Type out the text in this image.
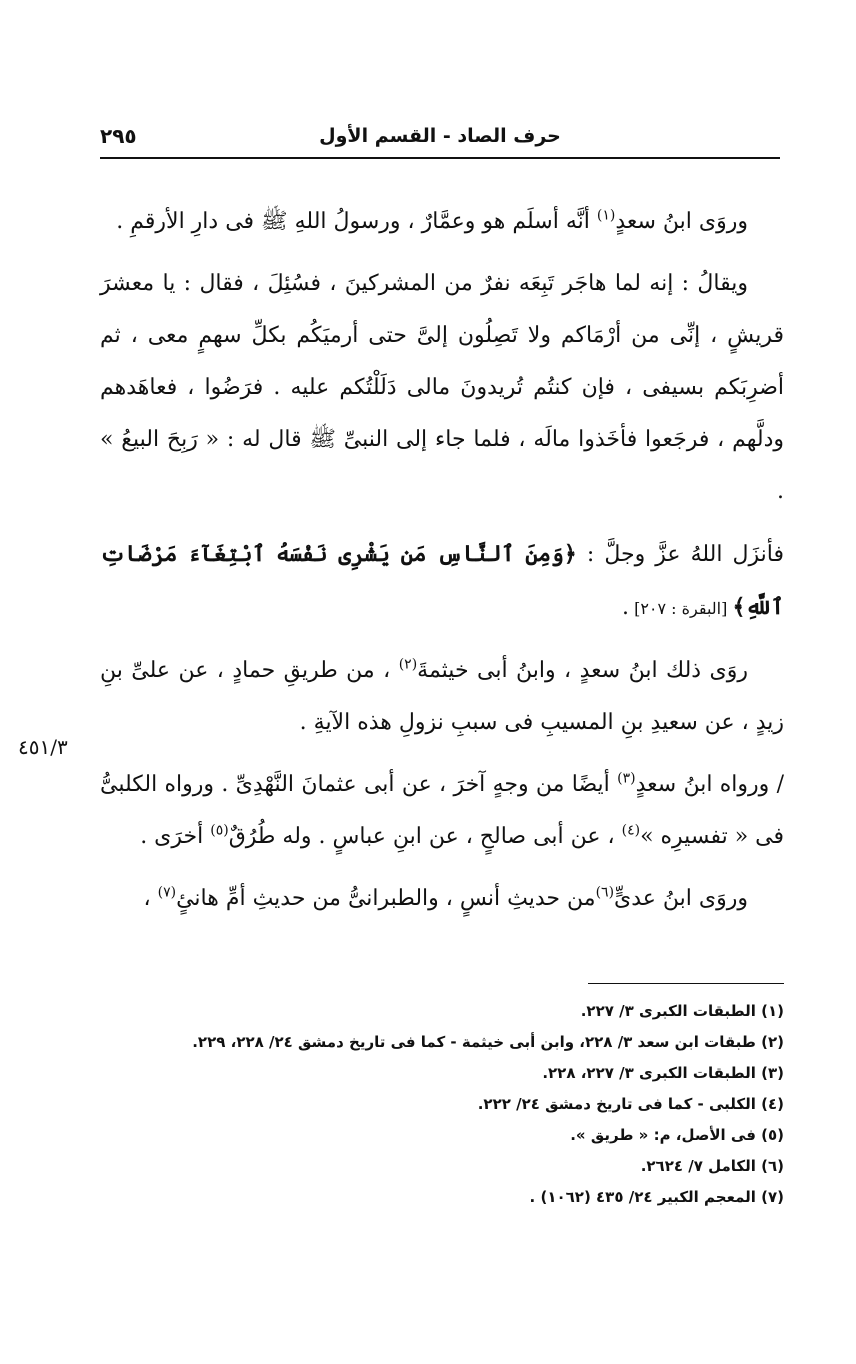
حرف الصاد - القسم الأول
٢٩٥
٤٥١/٣

وروَى ابنُ سعدٍ$^{(١)}$ أنَّه أسلَم هو وعمَّارٌ ، ورسولُ اللهِ ﷺ فى دارِ الأرقمِ .

ويقالُ : إنه لما هاجَر تَبِعَه نفرٌ من المشركينَ ، فسُئِلَ ، فقال : يا معشرَ قريشٍ ، إنِّى من أرْمَاكم ولا تَصِلُون إلىَّ حتى أرميَكُم بكلِّ سهمٍ معى ، ثم أضرِبَكم بسيفى ، فإن كنتُم تُريدونَ مالى دَلَلْتُكم عليه . فرَضُوا ، فعاهَدهم ودلَّهم ، فرجَعوا فأخَذوا مالَه ، فلما جاء إلى النبىِّ ﷺ قال له : « رَبِحَ البيعُ » .

فأنزَل اللهُ عزَّ وجلَّ : ﴿وَمِنَ ٱلنَّاسِ مَن يَشْرِى نَفْسَهُ ٱبْتِغَآءَ مَرْضَاتِ ٱللَّهِ﴾ [البقرة : ٢٠٧] .

روَى ذلك ابنُ سعدٍ ، وابنُ أبى خيثمةَ$^{(٢)}$ ، من طريقِ حمادٍ ، عن علىِّ بنِ زيدٍ ، عن سعيدِ بنِ المسيبِ فى سببِ نزولِ هذه الآيةِ .

/ ورواه ابنُ سعدٍ$^{(٣)}$ أيضًا من وجهٍ آخرَ ، عن أبى عثمانَ النَّهْدِىِّ . ورواه الكلبىُّ فى « تفسيرِه »$^{(٤)}$ ، عن أبى صالحٍ ، عن ابنِ عباسٍ . وله طُرُقٌ$^{(٥)}$ أخرَى .

وروَى ابنُ عدىٍّ$^{(٦)}$من حديثِ أنسٍ ، والطبرانىُّ من حديثِ أمِّ هانئٍ$^{(٧)}$ ،

(١) الطبقات الكبرى ٣/ ٢٢٧.
(٢) طبقات ابن سعد ٣/ ٢٢٨، وابن أبى خيثمة - كما فى تاريخ دمشق ٢٤/ ٢٢٨، ٢٢٩.
(٣) الطبقات الكبرى ٣/ ٢٢٧، ٢٢٨.
(٤) الكلبى - كما فى تاريخ دمشق ٢٤/ ٢٢٢.
(٥) فى الأصل، م: « طريق ».
(٦) الكامل ٧/ ٢٦٢٤.
(٧) المعجم الكبير ٢٤/ ٤٣٥ (١٠٦٢) .
